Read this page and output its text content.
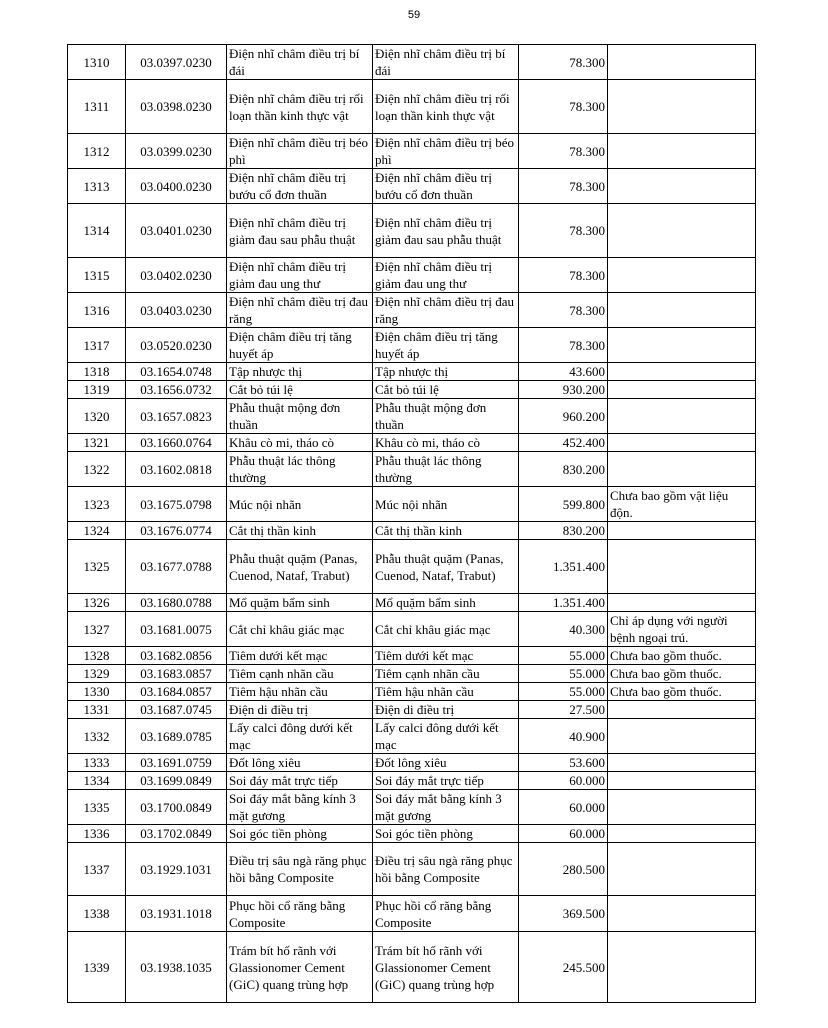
59
1310	03.0397.0230	Điện nhĩ châm điều trị bí đái	Điện nhĩ châm điều trị bí đái	78.300	
1311	03.0398.0230	Điện nhĩ châm điều trị rối loạn thần kinh thực vật	Điện nhĩ châm điều trị rối loạn thần kinh thực vật	78.300	
1312	03.0399.0230	Điện nhĩ châm điều trị béo phì	Điện nhĩ châm điều trị béo phì	78.300	
1313	03.0400.0230	Điện nhĩ châm điều trị bướu cổ đơn thuần	Điện nhĩ châm điều trị bướu cổ đơn thuần	78.300	
1314	03.0401.0230	Điện nhĩ châm điều trị giảm đau sau phẫu thuật	Điện nhĩ châm điều trị giảm đau sau phẫu thuật	78.300	
1315	03.0402.0230	Điện nhĩ châm điều trị giảm đau ung thư	Điện nhĩ châm điều trị giảm đau ung thư	78.300	
1316	03.0403.0230	Điện nhĩ châm điều trị đau răng	Điện nhĩ châm điều trị đau răng	78.300	
1317	03.0520.0230	Điện châm điều trị tăng huyết áp	Điện châm điều trị tăng huyết áp	78.300	
1318	03.1654.0748	Tập nhược thị	Tập nhược thị	43.600	
1319	03.1656.0732	Cắt bỏ túi lệ	Cắt bỏ túi lệ	930.200	
1320	03.1657.0823	Phẫu thuật mộng đơn thuần	Phẫu thuật mộng đơn thuần	960.200	
1321	03.1660.0764	Khâu cò mi, tháo cò	Khâu cò mi, tháo cò	452.400	
1322	03.1602.0818	Phẫu thuật lác thông thường	Phẫu thuật lác thông thường	830.200	
1323	03.1675.0798	Múc nội nhãn	Múc nội nhãn	599.800	Chưa bao gồm vật liệu độn.
1324	03.1676.0774	Cắt thị thần kinh	Cắt thị thần kinh	830.200	
1325	03.1677.0788	Phẫu thuật quặm (Panas, Cuenod, Nataf, Trabut)	Phẫu thuật quặm (Panas, Cuenod, Nataf, Trabut)	1.351.400	
1326	03.1680.0788	Mổ quặm bẩm sinh	Mổ quặm bẩm sinh	1.351.400	
1327	03.1681.0075	Cắt chỉ khâu giác mạc	Cắt chỉ khâu giác mạc	40.300	Chỉ áp dụng với người bệnh ngoại trú.
1328	03.1682.0856	Tiêm dưới kết mạc	Tiêm dưới kết mạc	55.000	Chưa bao gồm thuốc.
1329	03.1683.0857	Tiêm cạnh nhãn cầu	Tiêm cạnh nhãn cầu	55.000	Chưa bao gồm thuốc.
1330	03.1684.0857	Tiêm hậu nhãn cầu	Tiêm hậu nhãn cầu	55.000	Chưa bao gồm thuốc.
1331	03.1687.0745	Điện di điều trị	Điện di điều trị	27.500	
1332	03.1689.0785	Lấy calci đông dưới kết mạc	Lấy calci đông dưới kết mạc	40.900	
1333	03.1691.0759	Đốt lông xiêu	Đốt lông xiêu	53.600	
1334	03.1699.0849	Soi đáy mắt trực tiếp	Soi đáy mắt trực tiếp	60.000	
1335	03.1700.0849	Soi đáy mắt bằng kính 3 mặt gương	Soi đáy mắt bằng kính 3 mặt gương	60.000	
1336	03.1702.0849	Soi góc tiền phòng	Soi góc tiền phòng	60.000	
1337	03.1929.1031	Điều trị sâu ngà răng phục hồi bằng Composite	Điều trị sâu ngà răng phục hồi bằng Composite	280.500	
1338	03.1931.1018	Phục hồi cổ răng bằng Composite	Phục hồi cổ răng bằng Composite	369.500	
1339	03.1938.1035	Trám bít hố rãnh với Glassionomer Cement (GiC) quang trùng hợp	Trám bít hố rãnh với Glassionomer Cement (GiC) quang trùng hợp	245.500	
